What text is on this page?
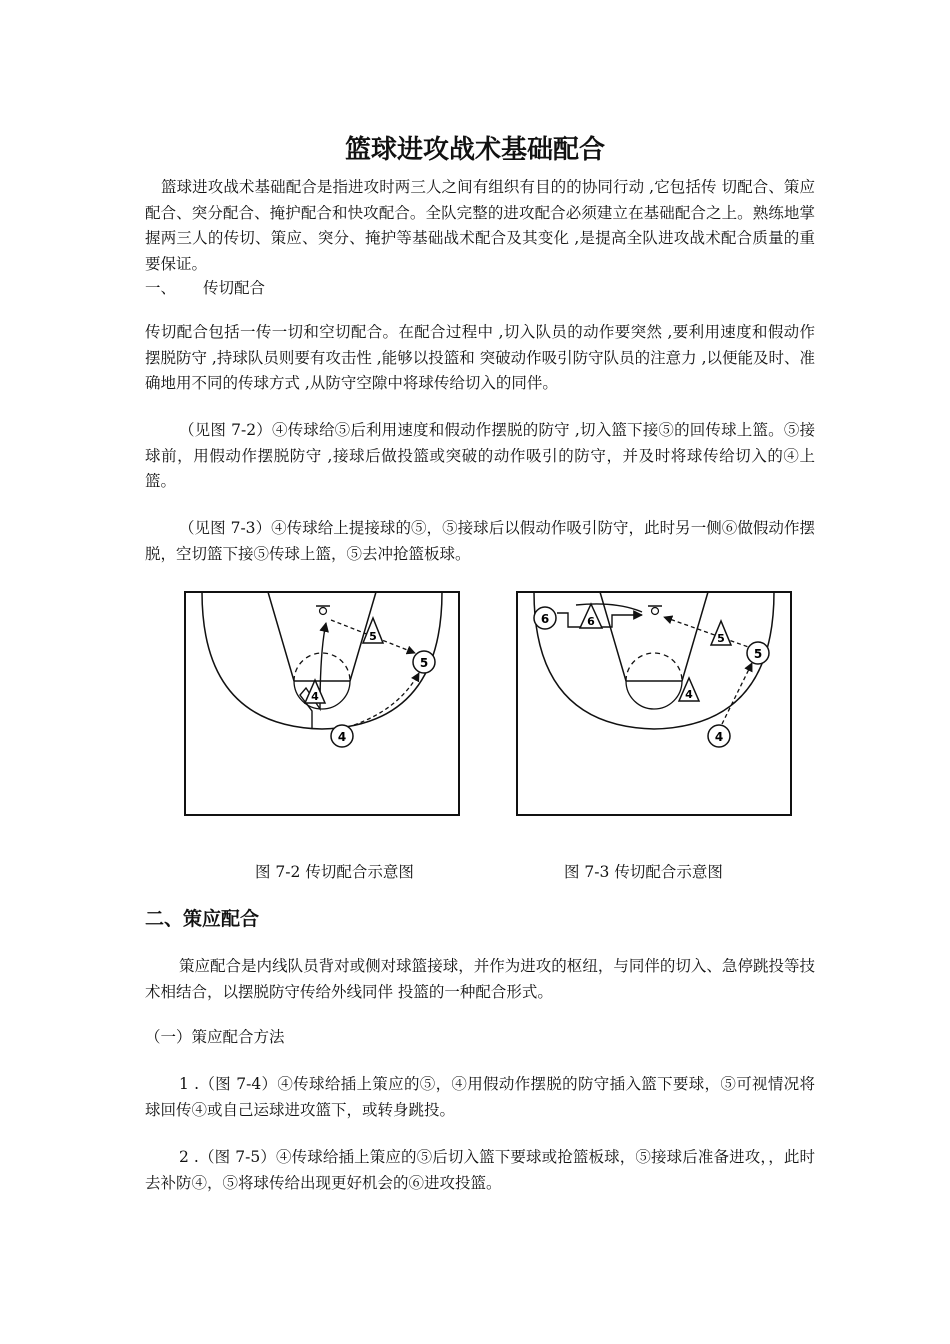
篮球进攻战术基础配合

篮球进攻战术基础配合是指进攻时两三人之间有组织有目的的协同行动 ,它包括传 切配合、策应配合、突分配合、掩护配合和快攻配合。全队完整的进攻配合必须建立在基础配合之上。熟练地掌握两三人的传切、策应、突分、掩护等基础战术配合及其变化 ,是提高全队进攻战术配合质量的重要保证。

一、 传切配合

传切配合包括一传一切和空切配合。在配合过程中 ,切入队员的动作要突然 ,要利用速度和假动作摆脱防守 ,持球队员则要有攻击性 ,能够以投篮和 突破动作吸引防守队员的注意力 ,以便能及时、准确地用不同的传球方式 ,从防守空隙中将球传给切入的同伴。

（见图 7-2）④传球给⑤后利用速度和假动作摆脱的防守 ,切入篮下接⑤的回传球上篮。⑤接球前，用假动作摆脱防守 ,接球后做投篮或突破的动作吸引的防守，并及时将球传给切入的④上篮。

（见图 7-3）④传球给上提接球的⑤，⑤接球后以假动作吸引防守，此时另一侧⑥做假动作摆脱，空切篮下接⑤传球上篮，⑤去冲抢篮板球。

5
5
4
4
6	6
5
5
4
4
图 7-2 传切配合示意图	图 7-3 传切配合示意图
二、策应配合

策应配合是内线队员背对或侧对球篮接球，并作为进攻的枢纽，与同伴的切入、急停跳投等技术相结合，以摆脱防守传给外线同伴 投篮的一种配合形式。

（一）策应配合方法

1 .（图 7-4）④传球给插上策应的⑤，④用假动作摆脱的防守插入篮下要球，⑤可视情况将球回传④或自己运球进攻篮下，或转身跳投。

2 .（图 7-5）④传球给插上策应的⑤后切入篮下要球或抢篮板球，⑤接球后准备进攻，，此时去补防④，⑤将球传给出现更好机会的⑥进攻投篮。
